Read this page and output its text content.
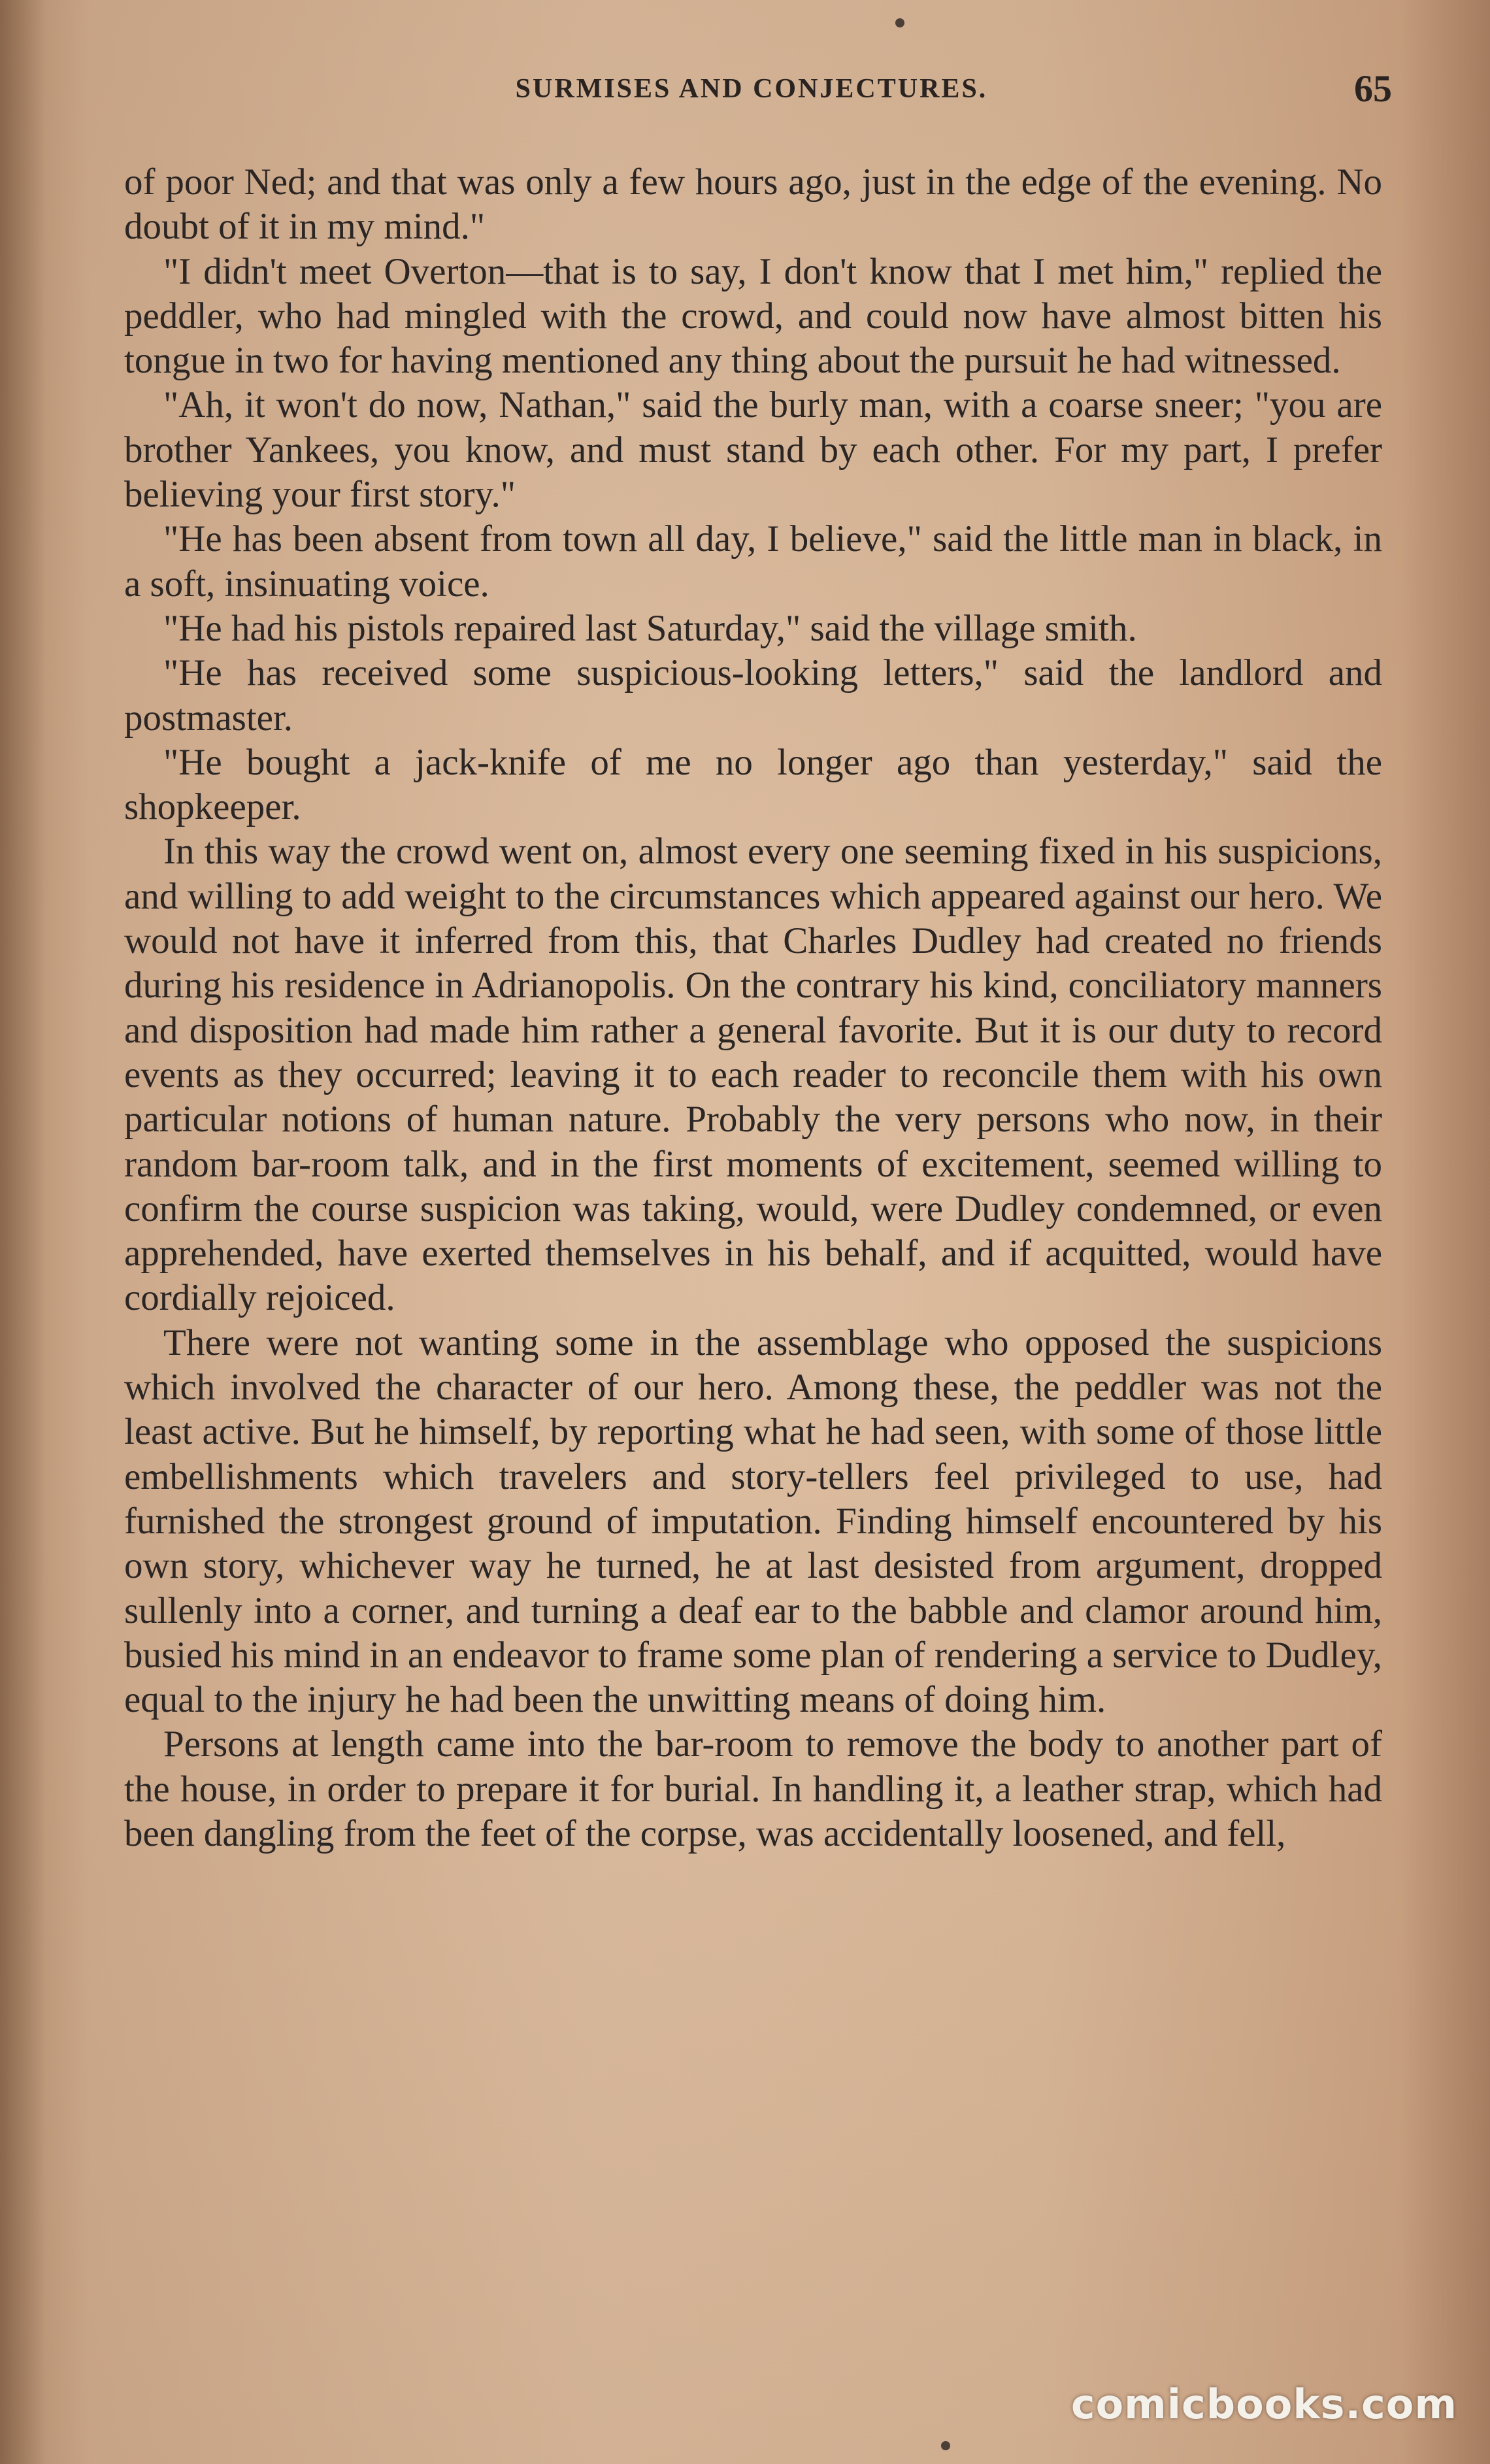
SURMISES AND CONJECTURES.	65

of poor Ned; and that was only a few hours ago, just in the edge of the evening. No doubt of it in my mind."

"I didn't meet Overton—that is to say, I don't know that I met him," replied the peddler, who had mingled with the crowd, and could now have almost bitten his tongue in two for having mentioned any thing about the pursuit he had witnessed.

"Ah, it won't do now, Nathan," said the burly man, with a coarse sneer; "you are brother Yankees, you know, and must stand by each other. For my part, I prefer believing your first story."

"He has been absent from town all day, I believe," said the little man in black, in a soft, insinuating voice.

"He had his pistols repaired last Saturday," said the village smith.

"He has received some suspicious-looking letters," said the landlord and postmaster.

"He bought a jack-knife of me no longer ago than yesterday," said the shopkeeper.

In this way the crowd went on, almost every one seeming fixed in his suspicions, and willing to add weight to the circumstances which appeared against our hero. We would not have it inferred from this, that Charles Dudley had created no friends during his residence in Adrianopolis. On the contrary his kind, conciliatory manners and disposition had made him rather a general favorite. But it is our duty to record events as they occurred; leaving it to each reader to reconcile them with his own particular notions of human nature. Probably the very persons who now, in their random bar-room talk, and in the first moments of excitement, seemed willing to confirm the course suspicion was taking, would, were Dudley condemned, or even apprehended, have exerted themselves in his behalf, and if acquitted, would have cordially rejoiced.

There were not wanting some in the assemblage who opposed the suspicions which involved the character of our hero. Among these, the peddler was not the least active. But he himself, by reporting what he had seen, with some of those little embellishments which travelers and story-tellers feel privileged to use, had furnished the strongest ground of imputation. Finding himself encountered by his own story, whichever way he turned, he at last desisted from argument, dropped sullenly into a corner, and turning a deaf ear to the babble and clamor around him, busied his mind in an endeavor to frame some plan of rendering a service to Dudley, equal to the injury he had been the unwitting means of doing him.

Persons at length came into the bar-room to remove the body to another part of the house, in order to prepare it for burial. In handling it, a leather strap, which had been dangling from the feet of the corpse, was accidentally loosened, and fell,

comicbooks.com
